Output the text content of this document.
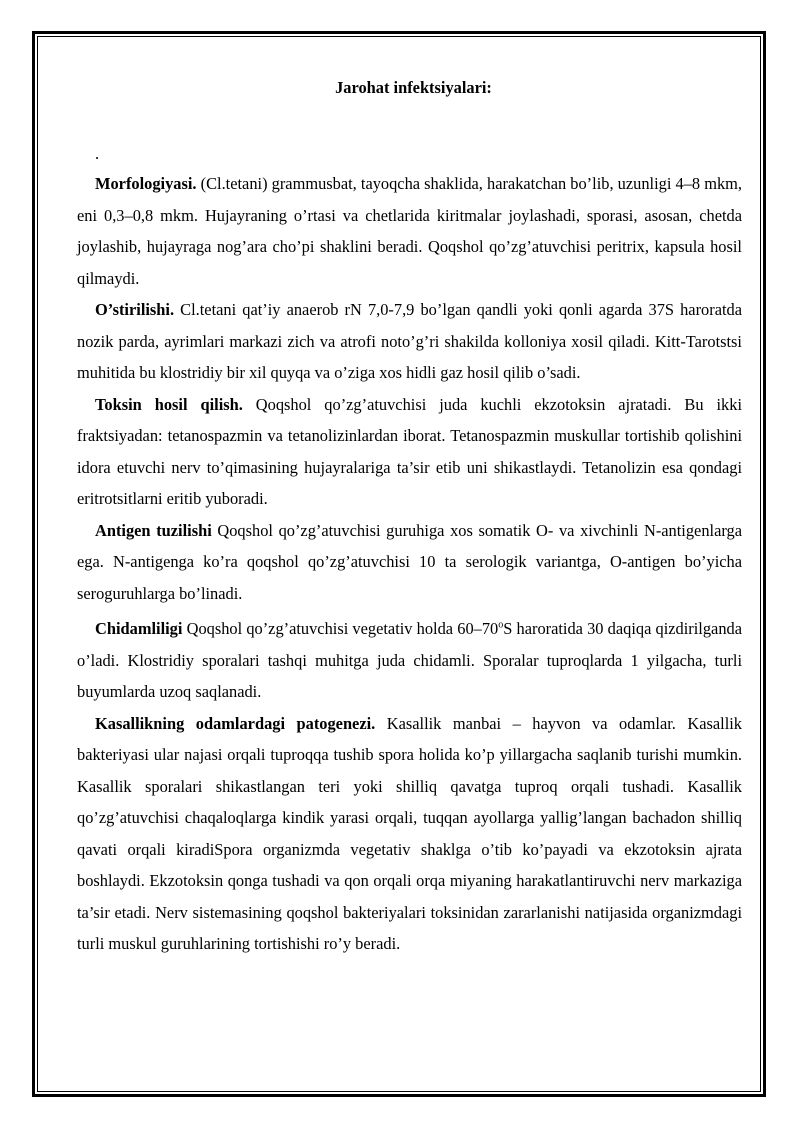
Jarohat infektsiyalari:

.

Morfologiyasi. (Cl.tetani) grammusbat, tayoqcha shaklida, harakatchan bo’lib, uzunligi 4–8 mkm, eni 0,3–0,8 mkm. Hujayraning o’rtasi va chetlarida kiritmalar joylashadi, sporasi, asosan, chetda joylashib, hujayraga nog’ara cho’pi shaklini beradi. Qoqshol qo’zg’atuvchisi peritrix, kapsula hosil qilmaydi.

O’stirilishi. Cl.tetani qat’iy anaerob rN 7,0-7,9 bo’lgan qandli yoki qonli agarda 37S haroratda nozik parda, ayrimlari markazi zich va atrofi noto’g’ri shakilda kolloniya xosil qiladi. Kitt-Tarotstsi muhitida bu klostridiy bir xil quyqa va o’ziga xos hidli gaz hosil qilib o’sadi.

Toksin hosil qilish. Qoqshol qo’zg’atuvchisi juda kuchli ekzotoksin ajratadi. Bu ikki fraktsiyadan: tetanospazmin va tetanolizinlardan iborat. Tetanospazmin muskullar tortishib qolishini idora etuvchi nerv to’qimasining hujayralariga ta’sir etib uni shikastlaydi. Tetanolizin esa qondagi eritrotsitlarni eritib yuboradi.

Antigen tuzilishi Qoqshol qo’zg’atuvchisi guruhiga xos somatik O- va xivchinli N-antigenlarga ega. N-antigenga ko’ra qoqshol qo’zg’atuvchisi 10 ta serologik variantga, O-antigen bo’yicha seroguruhlarga bo’linadi.

Chidamliligi Qoqshol qo’zg’atuvchisi vegetativ holda 60–70$^o$S haroratida 30 daqiqa qizdirilganda o’ladi. Klostridiy sporalari tashqi muhitga juda chidamli. Sporalar tuproqlarda 1 yilgacha, turli buyumlarda uzoq saqlanadi.

Kasallikning odamlardagi patogenezi. Kasallik manbai – hayvon va odamlar. Kasallik bakteriyasi ular najasi orqali tuproqqa tushib spora holida ko’p yillargacha saqlanib turishi mumkin. Kasallik sporalari shikastlangan teri yoki shilliq qavatga tuproq orqali tushadi. Kasallik qo’zg’atuvchisi chaqaloqlarga kindik yarasi orqali, tuqqan ayollarga yallig’langan bachadon shilliq qavati orqali kiradiSpora organizmda vegetativ shaklga o’tib ko’payadi va ekzotoksin ajrata boshlaydi. Ekzotoksin qonga tushadi va qon orqali orqa miyaning harakatlantiruvchi nerv markaziga ta’sir etadi. Nerv sistemasining qoqshol bakteriyalari toksinidan zararlanishi natijasida organizmdagi turli muskul guruhlarining tortishishi ro’y beradi.
